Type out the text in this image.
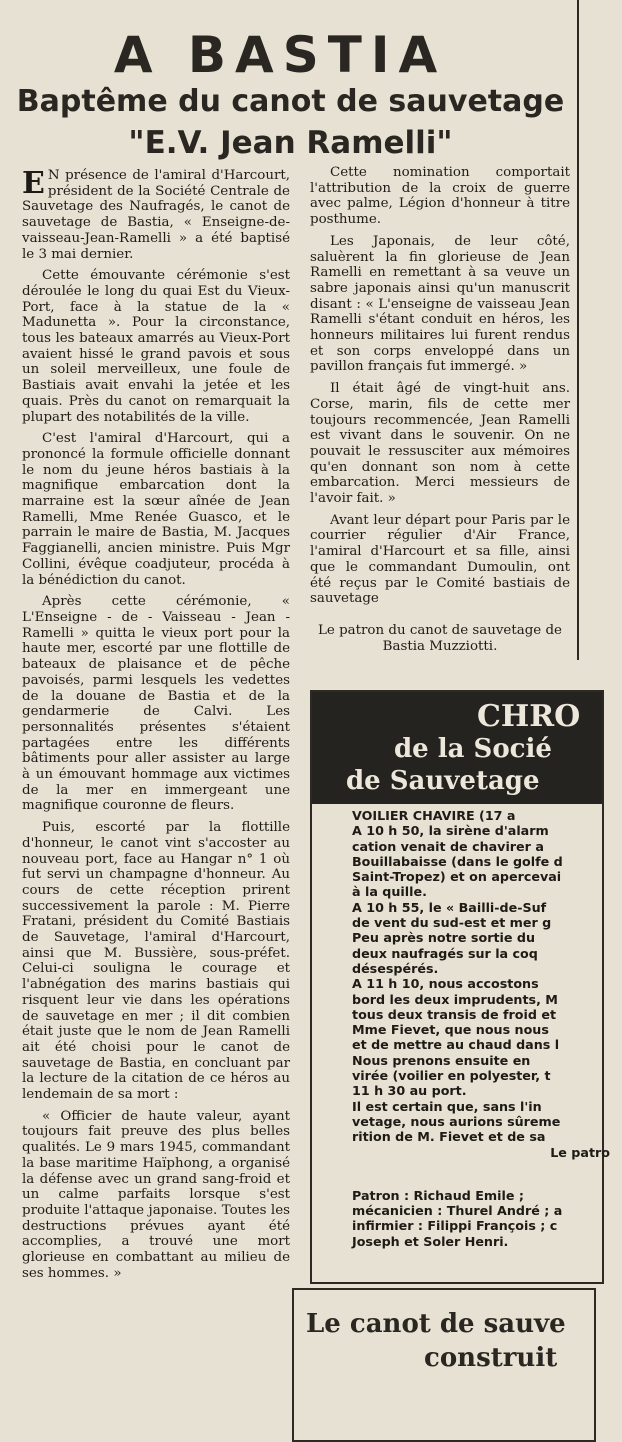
A BASTIA
Baptême du canot de sauvetage
"E.V. Jean Ramelli"
E N présence de l'amiral d'Harcourt, président de la Société Centrale de Sauvetage des Naufragés, le canot de sauvetage de Bastia, « Enseigne-de-vaisseau-Jean-Ramelli » a été baptisé le 3 mai dernier.

Cette émouvante cérémonie s'est déroulée le long du quai Est du Vieux-Port, face à la statue de la « Madunetta ». Pour la circonstance, tous les bateaux amarrés au Vieux-Port avaient hissé le grand pavois et sous un soleil merveilleux, une foule de Bastiais avait envahi la jetée et les quais. Près du canot on remarquait la plupart des notabilités de la ville.

C'est l'amiral d'Harcourt, qui a prononcé la formule officielle donnant le nom du jeune héros bastiais à la magnifique embarcation dont la marraine est la sœur aînée de Jean Ramelli, Mme Renée Guasco, et le parrain le maire de Bastia, M. Jacques Faggianelli, ancien ministre. Puis Mgr Collini, évêque coadjuteur, procéda à la bénédiction du canot.

Après cette cérémonie, « L'Enseigne - de - Vaisseau - Jean - Ramelli » quitta le vieux port pour la haute mer, escorté par une flottille de bateaux de plaisance et de pêche pavoisés, parmi lesquels les vedettes de la douane de Bastia et de la gendarmerie de Calvi. Les personnalités présentes s'étaient partagées entre les différents bâtiments pour aller assister au large à un émouvant hommage aux victimes de la mer en immergeant une magnifique couronne de fleurs.

Puis, escorté par la flottille d'honneur, le canot vint s'accoster au nouveau port, face au Hangar n° 1 où fut servi un champagne d'honneur. Au cours de cette réception prirent successivement la parole : M. Pierre Fratani, président du Comité Bastiais de Sauvetage, l'amiral d'Harcourt, ainsi que M. Bussière, sous-préfet. Celui-ci souligna le courage et l'abnégation des marins bastiais qui risquent leur vie dans les opérations de sauvetage en mer ; il dit combien était juste que le nom de Jean Ramelli ait été choisi pour le canot de sauvetage de Bastia, en concluant par la lecture de la citation de ce héros au lendemain de sa mort :

« Officier de haute valeur, ayant toujours fait preuve des plus belles qualités. Le 9 mars 1945, commandant la base maritime Haïphong, a organisé la défense avec un grand sang-froid et un calme parfaits lorsque s'est produite l'attaque japonaise. Toutes les destructions prévues ayant été accomplies, a trouvé une mort glorieuse en combattant au milieu de ses hommes. »

Cette nomination comportait l'attribution de la croix de guerre avec palme, Légion d'honneur à titre posthume.

Les Japonais, de leur côté, saluèrent la fin glorieuse de Jean Ramelli en remettant à sa veuve un sabre japonais ainsi qu'un manuscrit disant : « L'enseigne de vaisseau Jean Ramelli s'étant conduit en héros, les honneurs militaires lui furent rendus et son corps enveloppé dans un pavillon français fut immergé. »

Il était âgé de vingt-huit ans. Corse, marin, fils de cette mer toujours recommencée, Jean Ramelli est vivant dans le souvenir. On ne pouvait le ressusciter aux mémoires qu'en donnant son nom à cette embarcation. Merci messieurs de l'avoir fait. »

Avant leur départ pour Paris par le courrier régulier d'Air France, l'amiral d'Harcourt et sa fille, ainsi que le commandant Dumoulin, ont été reçus par le Comité bastiais de sauvetage

Le patron du canot de sauvetage de Bastia Muzziotti.

CHRO
de la Socié
de Sauvetage

VOILIER CHAVIRE (17 a

A 10 h 50, la sirène d'alarm

cation venait de chavirer a

Bouillabaisse (dans le golfe d

Saint-Tropez) et on apercevai

à la quille.

A 10 h 55, le « Bailli-de-Suf

de vent du sud-est et mer g

Peu après notre sortie du

deux naufragés sur la coq

désespérés.

A 11 h 10, nous accostons

bord les deux imprudents, M

tous deux transis de froid et

Mme Fievet, que nous nous

et de mettre au chaud dans l

Nous prenons ensuite en

virée (voilier en polyester, t

11 h 30 au port.

Il est certain que, sans l'in

vetage, nous aurions sûreme

rition de M. Fievet et de sa

Le patro

Patron : Richaud Emile ;

mécanicien : Thurel André ; a

infirmier : Filippi François ; c

Joseph et Soler Henri.

Le canot de sauve
construit
